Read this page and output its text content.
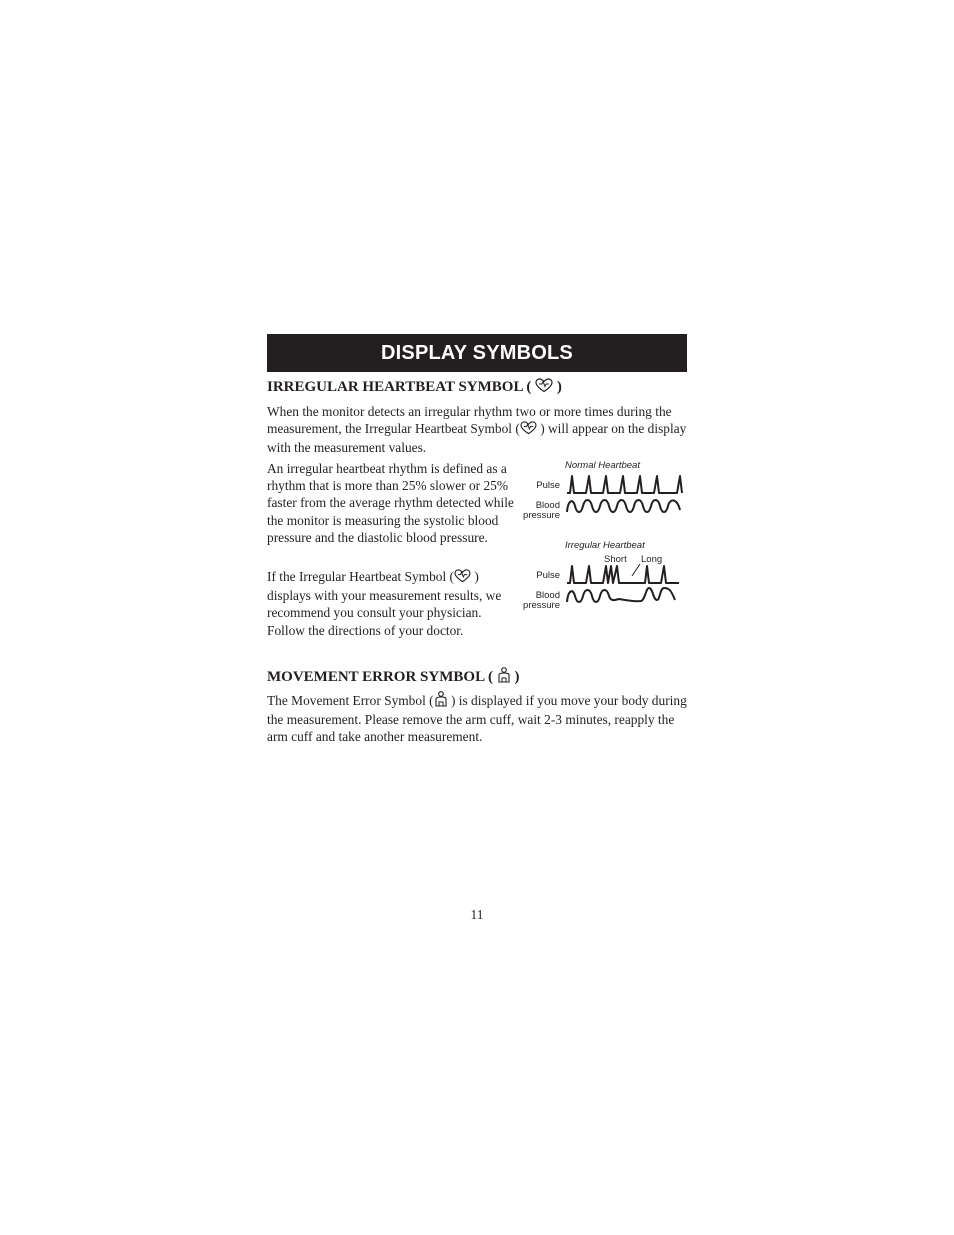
DISPLAY SYMBOLS
IRREGULAR HEARTBEAT SYMBOL ( )

When the monitor detects an irregular rhythm two or more times during the measurement, the Irregular Heartbeat Symbol ( ) will appear on the display with the measurement values.

An irregular heartbeat rhythm is defined as a rhythm that is more than 25% slower or 25% faster from the average rhythm detected while the monitor is measuring the systolic blood pressure and the diastolic blood pressure.

If the Irregular Heartbeat Symbol ( ) displays with your measurement results, we recommend you consult your physician. Follow the directions of your doctor.

Normal Heartbeat
Pulse
Blood
pressure
Irregular Heartbeat
Short Long
Pulse
Blood
pressure
MOVEMENT ERROR SYMBOL ( )

The Movement Error Symbol ( ) is displayed if you move your body during the measurement. Please remove the arm cuff, wait 2-3 minutes, reapply the arm cuff and take another measurement.

11
